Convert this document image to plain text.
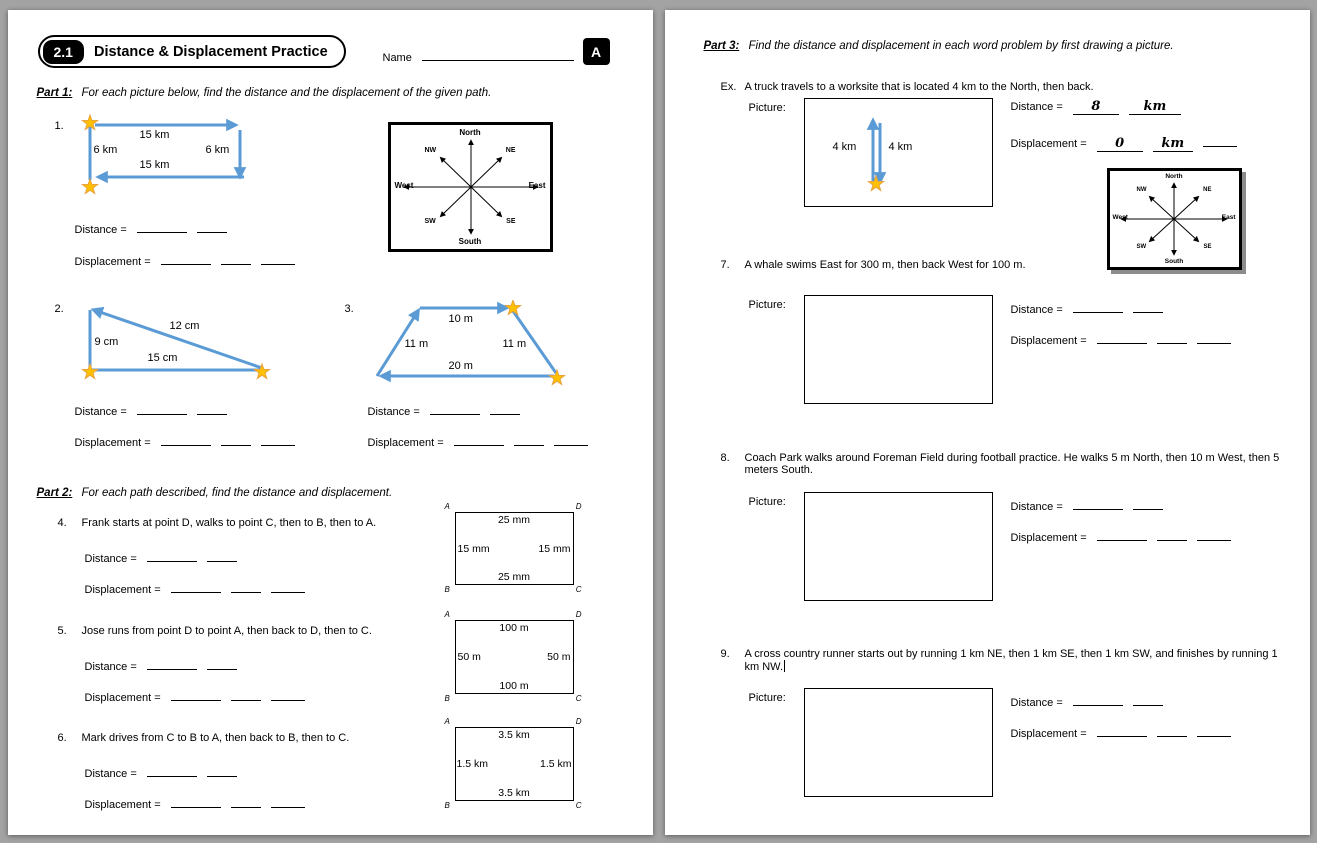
2.1	Distance & Displacement Practice	Name	A
Part 1: For each picture below, find the distance and the displacement of the given path.
1.
15 km
6 km	6 km
15 km
North
South
West	East
NW	NE
SW	SE
Distance =
Displacement =
2.
12 cm
9 cm
15 cm
Distance =
Displacement =
3.
10 m
11 m	11 m
20 m
Distance =
Displacement =
Part 2: For each path described, find the distance and displacement.
4.	Frank starts at point D, walks to point C, then to B, then to A.
Distance =
Displacement =
A	D
B	C
25 mm
15 mm	15 mm
25 mm
5.	Jose runs from point D to point A, then back to D, then to C.
Distance =
Displacement =
A	D
B	C
100 m
50 m	50 m
100 m
6.	Mark drives from C to B to A, then back to B, then to C.
Distance =
Displacement =
A	D
B	C
3.5 km
1.5 km	1.5 km
3.5 km
Part 3: Find the distance and displacement in each word problem by first drawing a picture.
Ex. A truck travels to a worksite that is located 4 km to the North, then back.
Picture:
4 km	4 km
Distance = 8	km
Displacement = 0	km
North
South
West	East
NW	NE
SW	SE
7.	A whale swims East for 300 m, then back West for 100 m.
Picture:	Distance =
Displacement =
8.	Coach Park walks around Foreman Field during football practice. He walks 5 m North, then 10 m West, then 5 meters South.
Picture:	Distance =
Displacement =
9.	A cross country runner starts out by running 1 km NE, then 1 km SE, then 1 km SW, and finishes by running 1 km NW.
Picture:	Distance =
Displacement =
